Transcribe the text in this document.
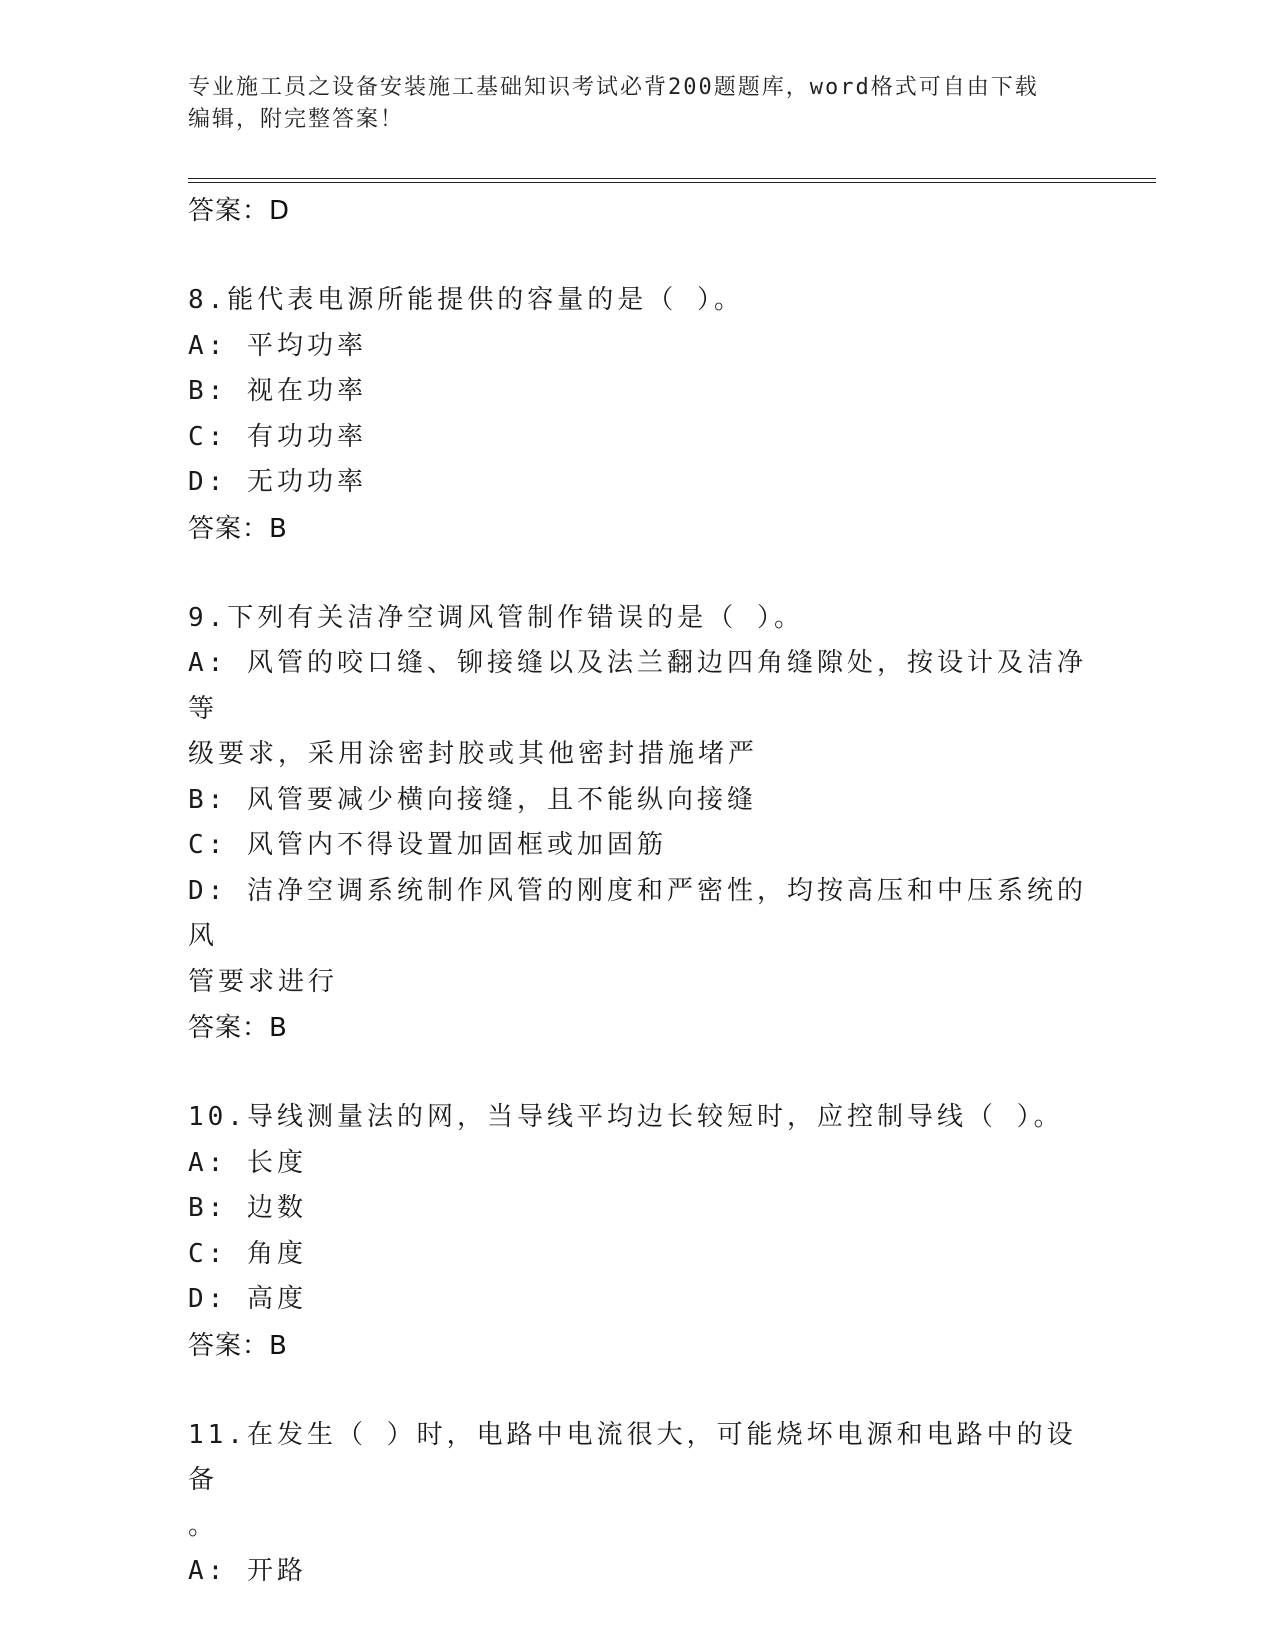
专业施工员之设备安装施工基础知识考试必背200题题库，word格式可自由下载
编辑，附完整答案！
答案：D
8.能代表电源所能提供的容量的是（ ）。
A: 平均功率
B: 视在功率
C: 有功功率
D: 无功功率
答案：B
9.下列有关洁净空调风管制作错误的是（ ）。
A: 风管的咬口缝、铆接缝以及法兰翻边四角缝隙处，按设计及洁净等
级要求，采用涂密封胶或其他密封措施堵严
B: 风管要减少横向接缝，且不能纵向接缝
C: 风管内不得设置加固框或加固筋
D: 洁净空调系统制作风管的刚度和严密性，均按高压和中压系统的风
管要求进行
答案：B
10.导线测量法的网，当导线平均边长较短时，应控制导线（ ）。
A: 长度
B: 边数
C: 角度
D: 高度
答案：B
11.在发生（ ）时，电路中电流很大，可能烧坏电源和电路中的设备
。
A: 开路
